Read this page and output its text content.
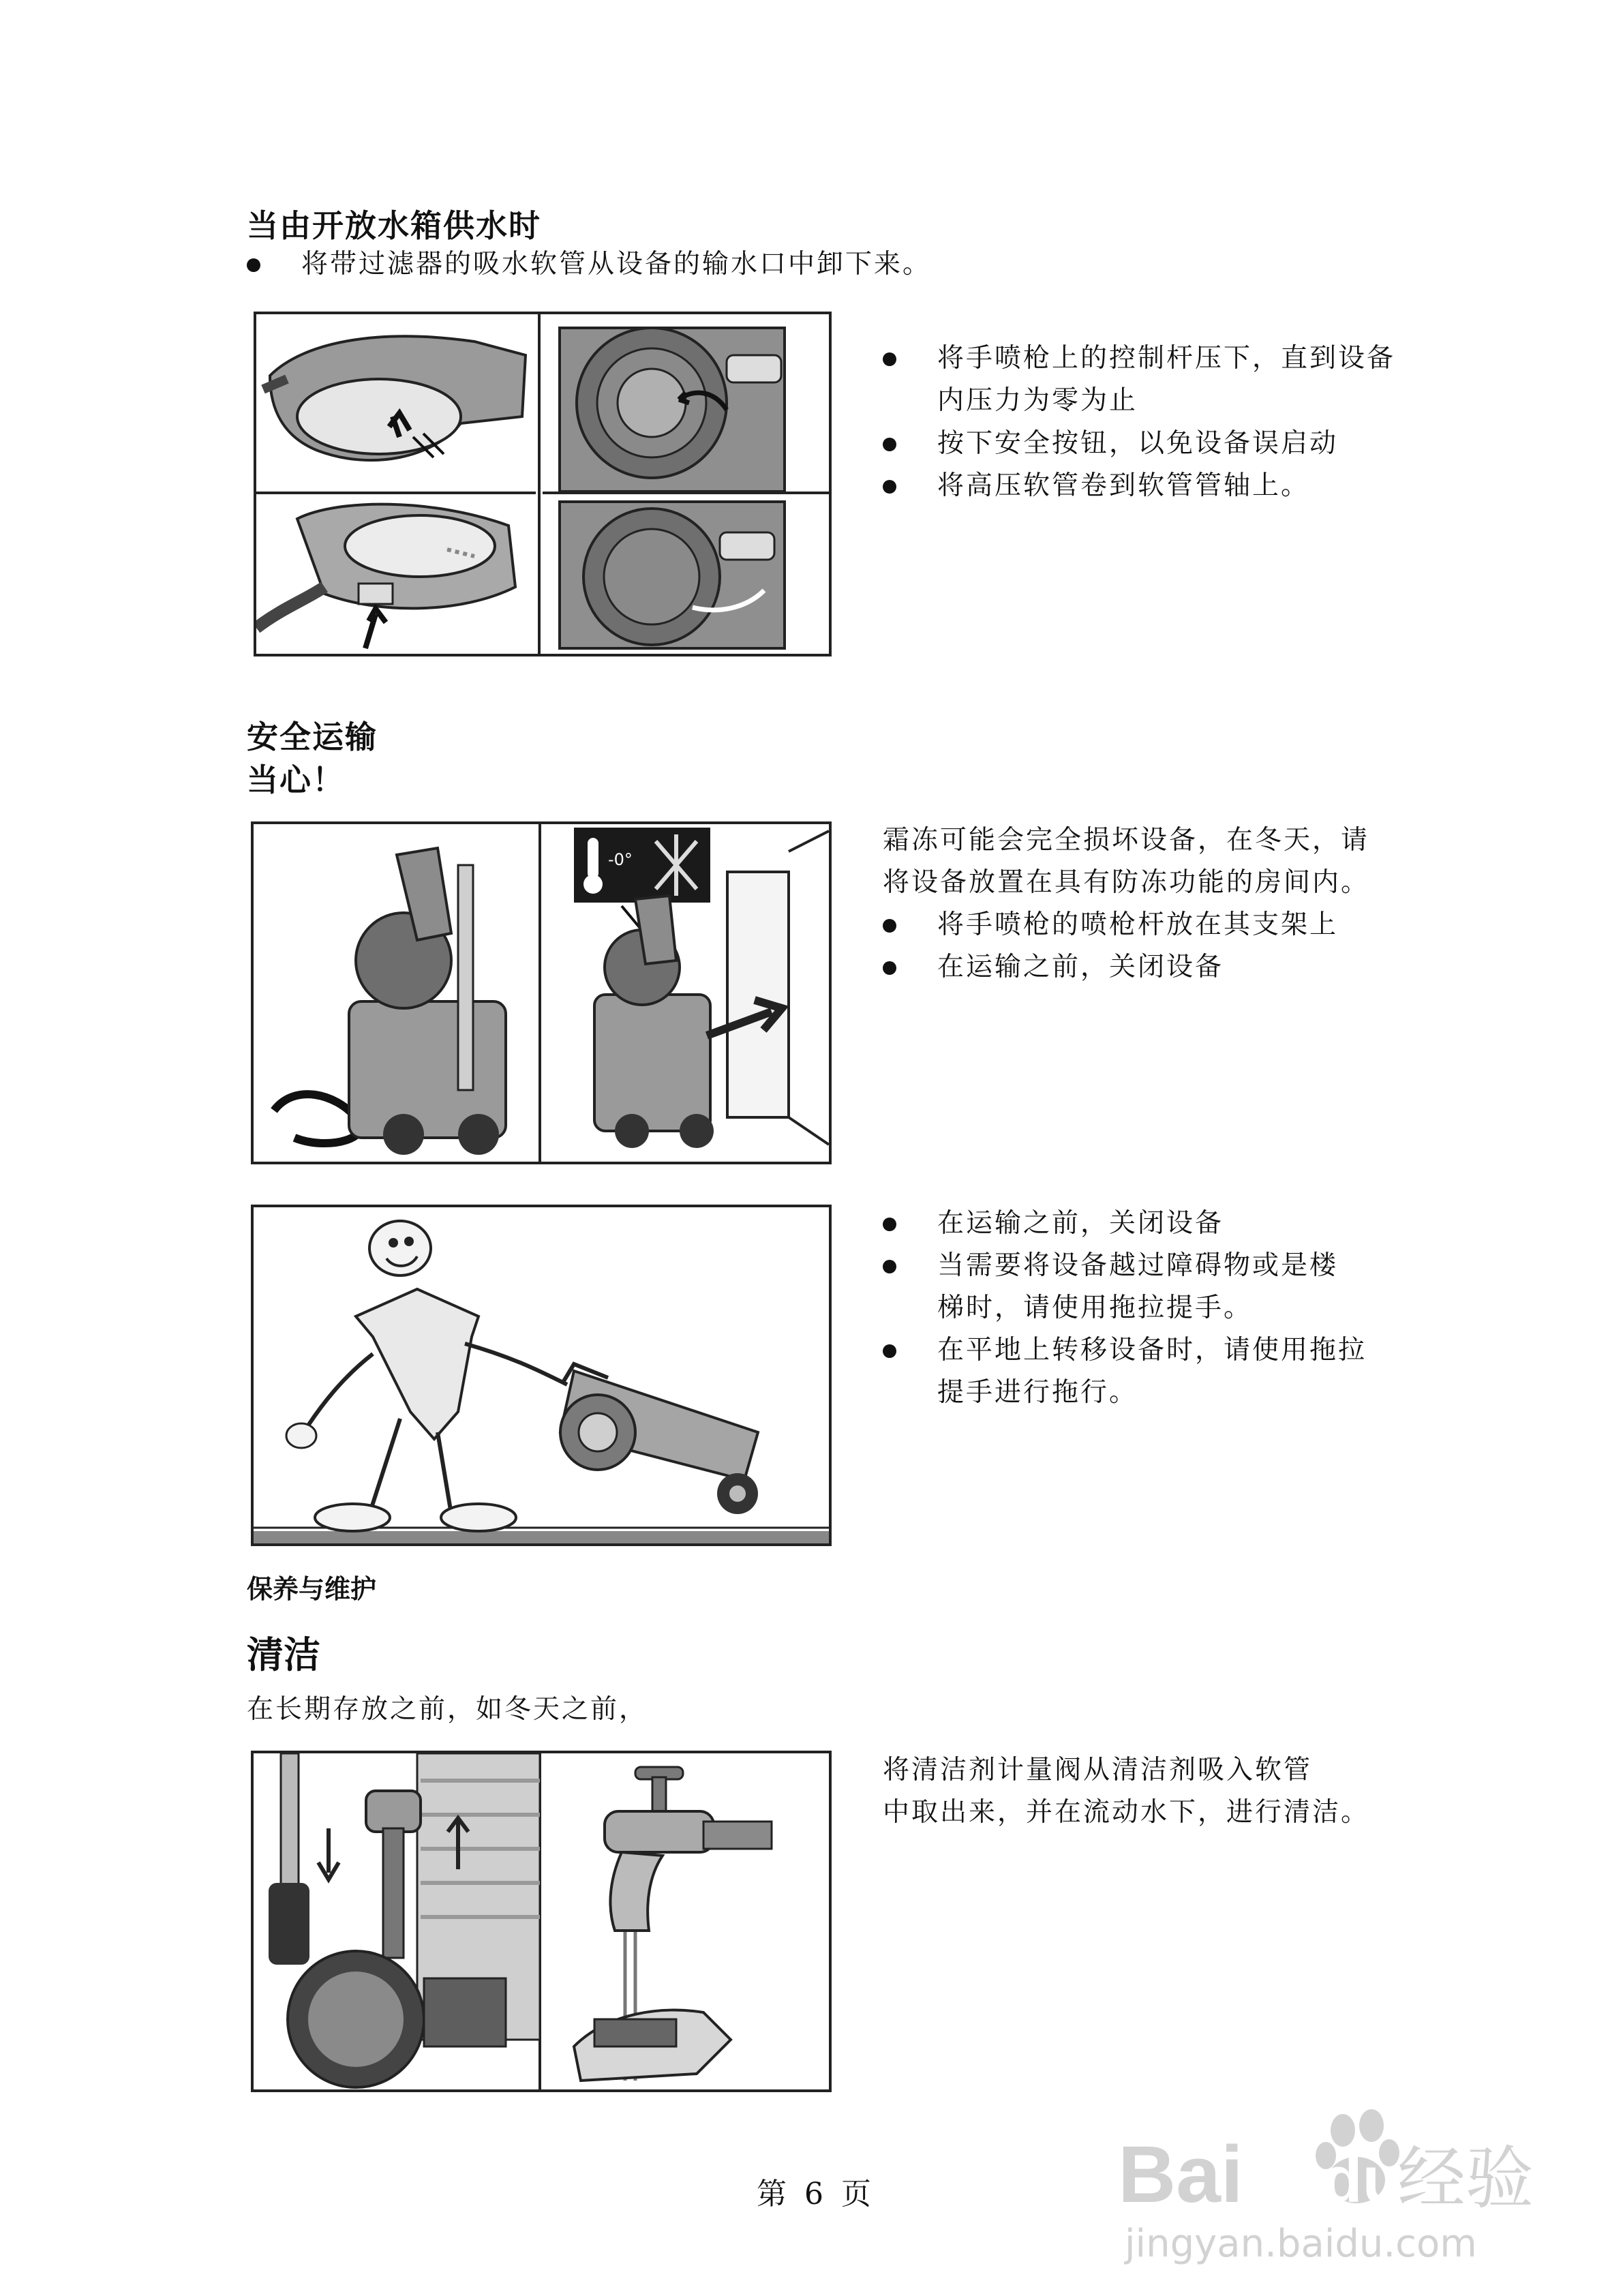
当由开放水箱供水时
将带过滤器的吸水软管从设备的输水口中卸下来。
将手喷枪上的控制杆压下，直到设备
内压力为零为止
按下安全按钮，以免设备误启动
将高压软管卷到软管管轴上。
安全运输
当心！
-0°
霜冻可能会完全损坏设备，在冬天，请
将设备放置在具有防冻功能的房间内。
将手喷枪的喷枪杆放在其支架上
在运输之前，关闭设备
在运输之前，关闭设备
当需要将设备越过障碍物或是楼
梯时，请使用拖拉提手。
在平地上转移设备时，请使用拖拉
提手进行拖行。
保养与维护
清洁
在长期存放之前，如冬天之前，
将清洁剂计量阀从清洁剂吸入软管
中取出来，并在流动水下，进行清洁。
第 6 页	Bai du
经验
jingyan.baidu.com
